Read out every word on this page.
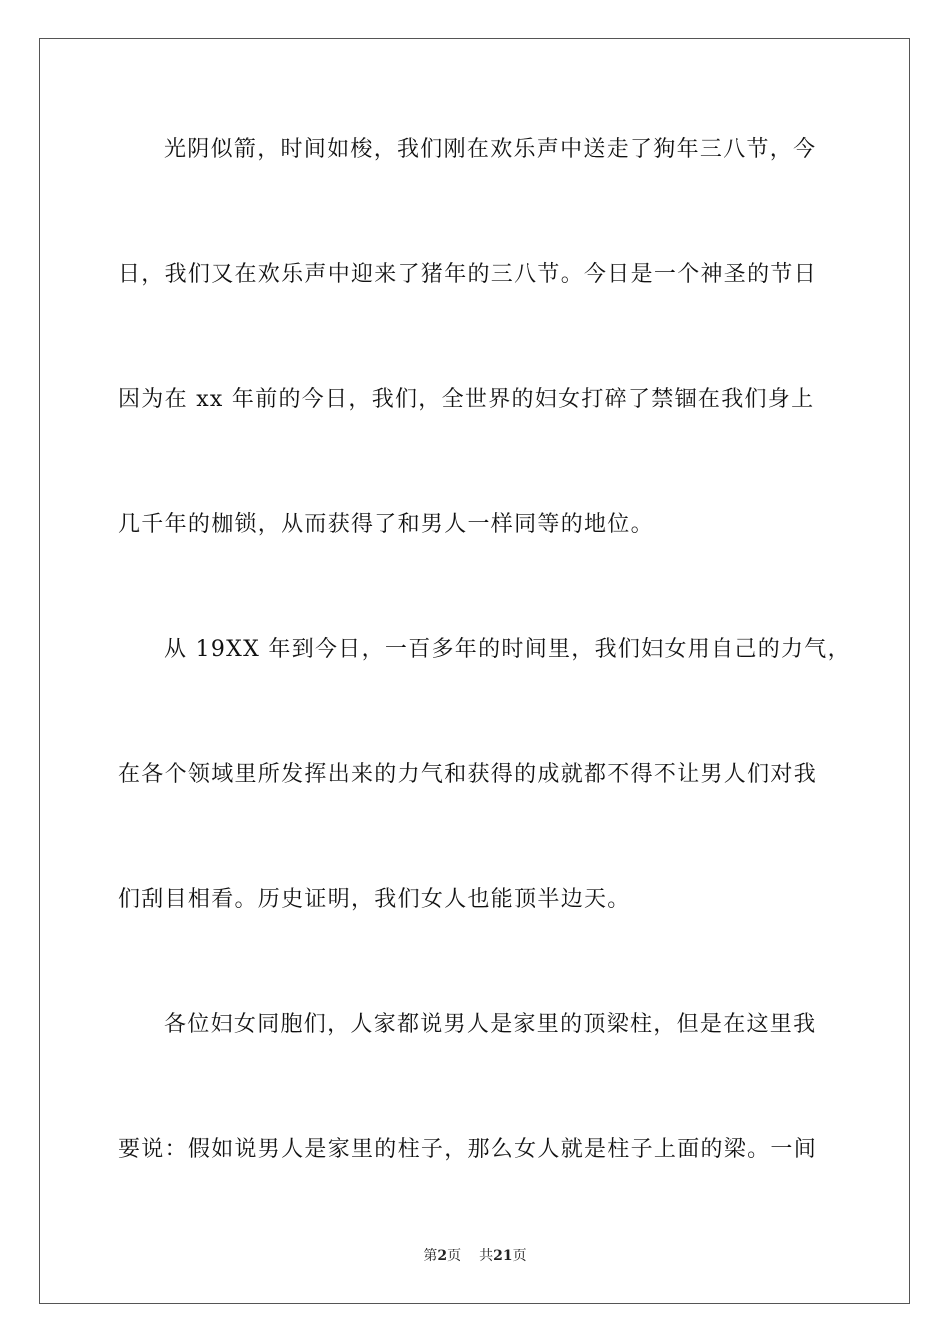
光阴似箭，时间如梭，我们刚在欢乐声中送走了狗年三八节，今
日，我们又在欢乐声中迎来了猪年的三八节。今日是一个神圣的节日
因为在 xx 年前的今日，我们，全世界的妇女打碎了禁锢在我们身上
几千年的枷锁，从而获得了和男人一样同等的地位。
从 19XX 年到今日，一百多年的时间里，我们妇女用自己的力气，
在各个领域里所发挥出来的力气和获得的成就都不得不让男人们对我
们刮目相看。历史证明，我们女人也能顶半边天。
各位妇女同胞们，人家都说男人是家里的顶梁柱，但是在这里我
要说：假如说男人是家里的柱子，那么女人就是柱子上面的梁。一间
第2页 共21页
